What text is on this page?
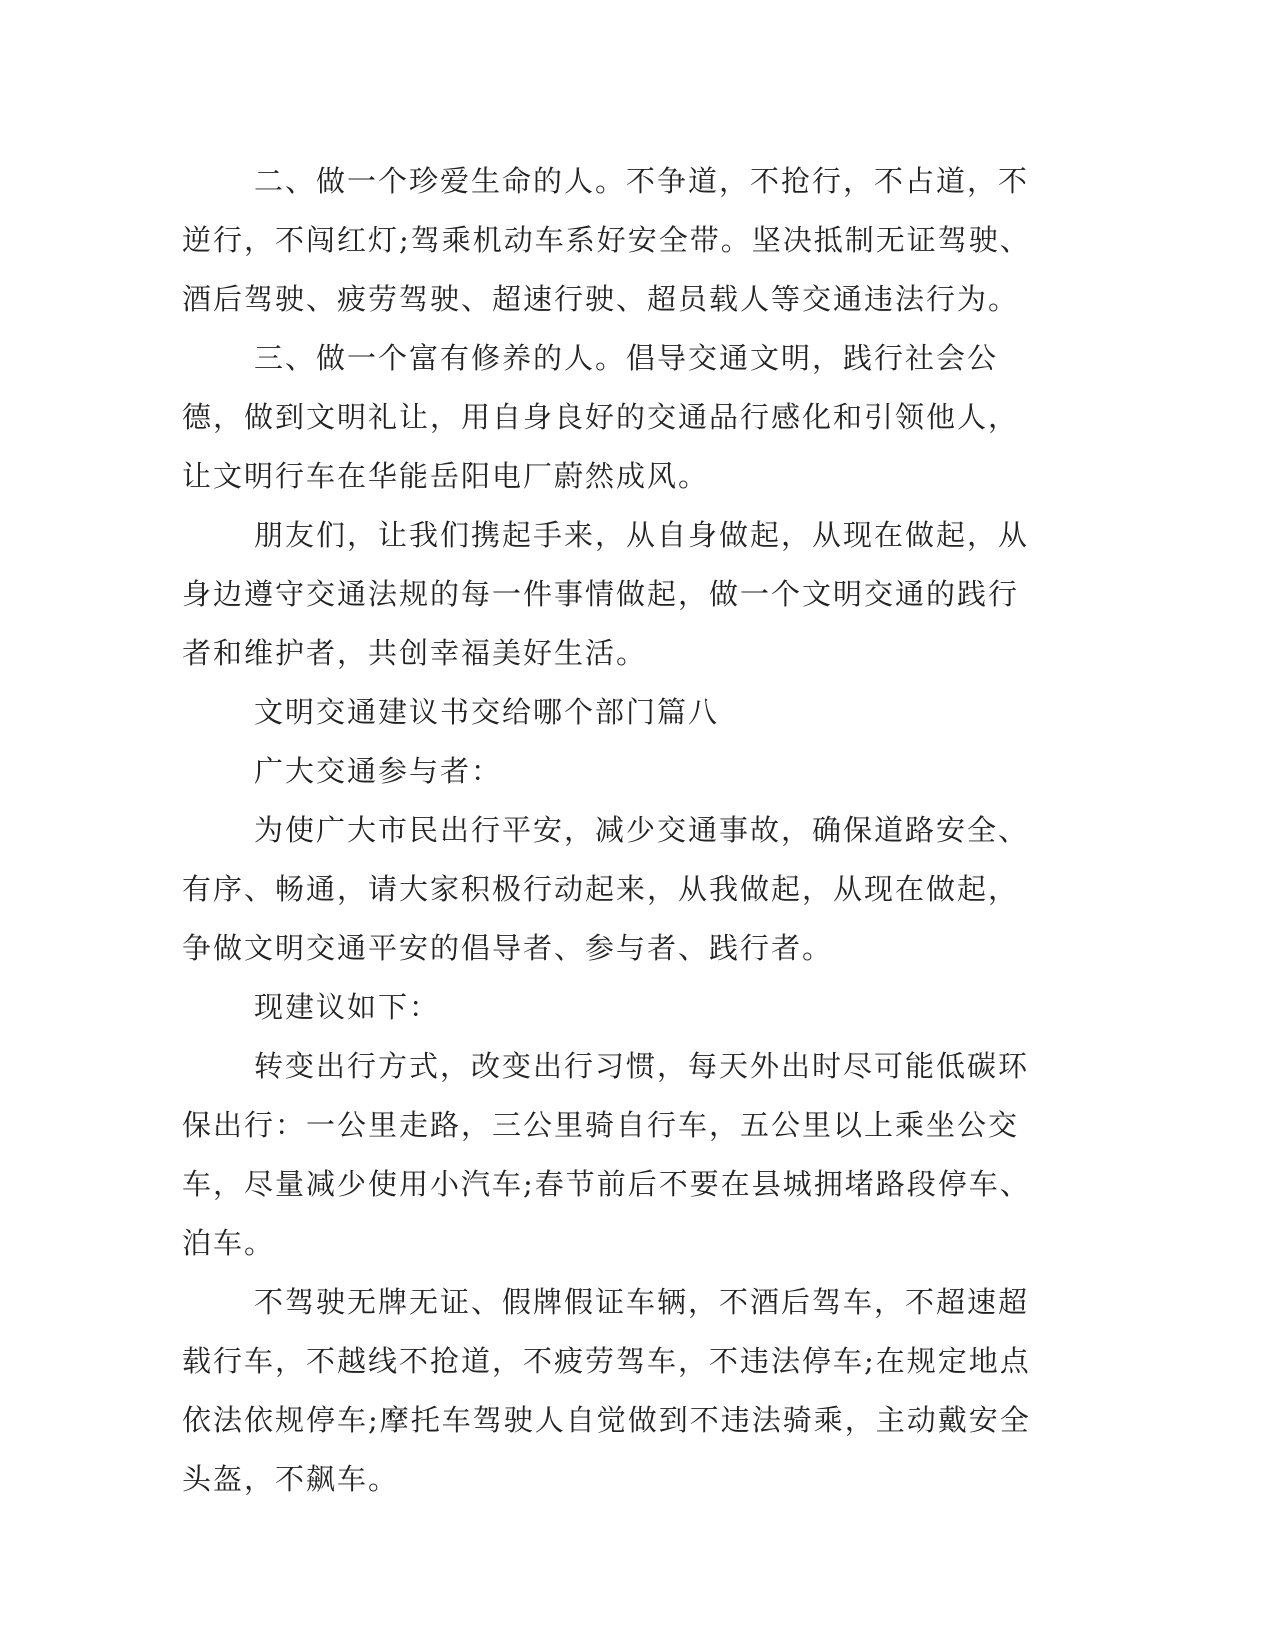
二、做一个珍爱生命的人。不争道，不抢行，不占道，不逆行，不闯红灯;驾乘机动车系好安全带。坚决抵制无证驾驶、酒后驾驶、疲劳驾驶、超速行驶、超员载人等交通违法行为。

三、做一个富有修养的人。倡导交通文明，践行社会公德，做到文明礼让，用自身良好的交通品行感化和引领他人，让文明行车在华能岳阳电厂蔚然成风。

朋友们，让我们携起手来，从自身做起，从现在做起，从身边遵守交通法规的每一件事情做起，做一个文明交通的践行者和维护者，共创幸福美好生活。

文明交通建议书交给哪个部门篇八

广大交通参与者：

为使广大市民出行平安，减少交通事故，确保道路安全、有序、畅通，请大家积极行动起来，从我做起，从现在做起，争做文明交通平安的倡导者、参与者、践行者。

现建议如下：

转变出行方式，改变出行习惯，每天外出时尽可能低碳环保出行：一公里走路，三公里骑自行车，五公里以上乘坐公交车，尽量减少使用小汽车;春节前后不要在县城拥堵路段停车、泊车。

不驾驶无牌无证、假牌假证车辆，不酒后驾车，不超速超载行车，不越线不抢道，不疲劳驾车，不违法停车;在规定地点依法依规停车;摩托车驾驶人自觉做到不违法骑乘，主动戴安全头盔，不飙车。
